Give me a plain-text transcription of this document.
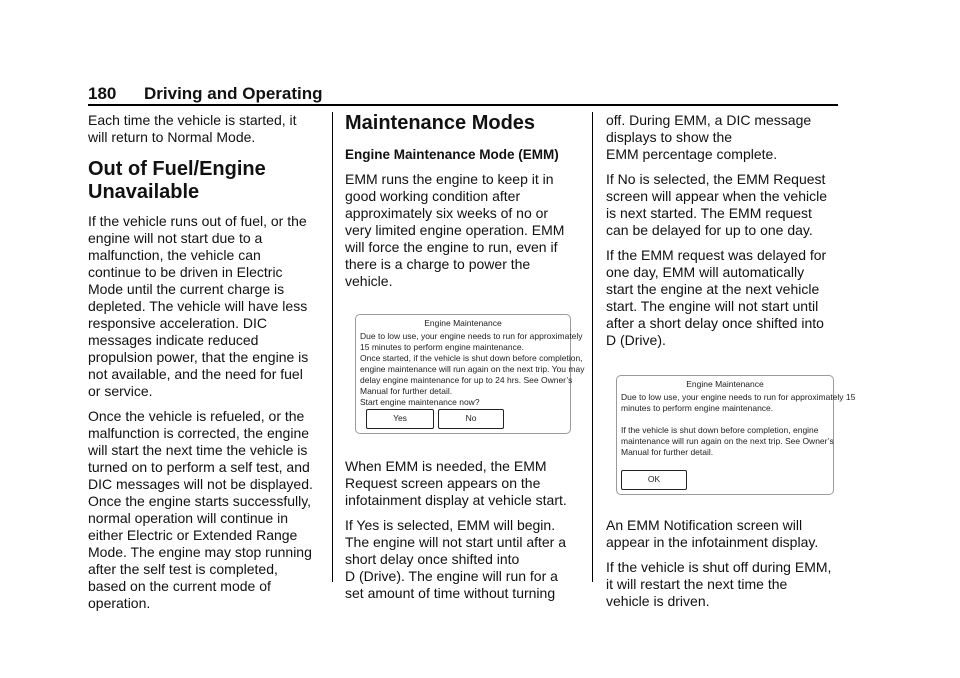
180 Driving and Operating

Each time the vehicle is started, it
will return to Normal Mode.

Out of Fuel/Engine
Unavailable

If the vehicle runs out of fuel, or the
engine will not start due to a
malfunction, the vehicle can
continue to be driven in Electric
Mode until the current charge is
depleted. The vehicle will have less
responsive acceleration. DIC
messages indicate reduced
propulsion power, that the engine is
not available, and the need for fuel
or service.

Once the vehicle is refueled, or the
malfunction is corrected, the engine
will start the next time the vehicle is
turned on to perform a self test, and
DIC messages will not be displayed.
Once the engine starts successfully,
normal operation will continue in
either Electric or Extended Range
Mode. The engine may stop running
after the self test is completed,
based on the current mode of
operation.

Maintenance Modes
Engine Maintenance Mode (EMM)

EMM runs the engine to keep it in
good working condition after
approximately six weeks of no or
very limited engine operation. EMM
will force the engine to run, even if
there is a charge to power the
vehicle.

Engine Maintenance
Due to low use, your engine needs to run for approximately
15 minutes to perform engine maintenance.
Once started, if the vehicle is shut down before completion,
engine maintenance will run again on the next trip. You may
delay engine maintenance for up to 24 hrs. See Owner’s
Manual for further detail.
Start engine maintenance now?
Yes	No

When EMM is needed, the EMM
Request screen appears on the
infotainment display at vehicle start.

If Yes is selected, EMM will begin.
The engine will not start until after a
short delay once shifted into
D (Drive). The engine will run for a
set amount of time without turning

off. During EMM, a DIC message
displays to show the
EMM percentage complete.

If No is selected, the EMM Request
screen will appear when the vehicle
is next started. The EMM request
can be delayed for up to one day.

If the EMM request was delayed for
one day, EMM will automatically
start the engine at the next vehicle
start. The engine will not start until
after a short delay once shifted into
D (Drive).

Engine Maintenance
Due to low use, your engine needs to run for approximately 15
minutes to perform engine maintenance.
If the vehicle is shut down before completion, engine
maintenance will run again on the next trip. See Owner’s
Manual for further detail.
OK

An EMM Notification screen will
appear in the infotainment display.

If the vehicle is shut off during EMM,
it will restart the next time the
vehicle is driven.
